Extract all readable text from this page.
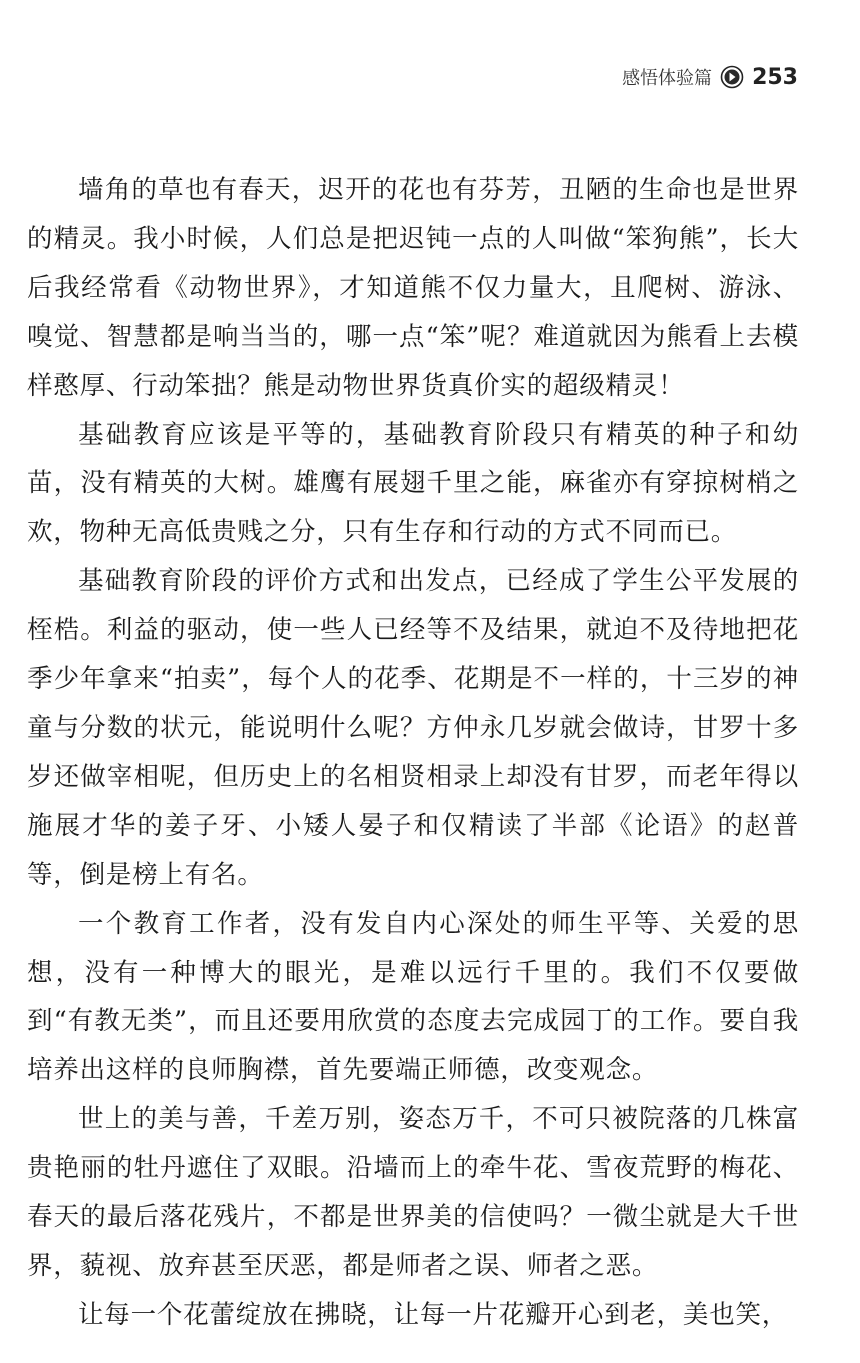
感悟体验篇 253

墙角的草也有春天，迟开的花也有芬芳，丑陋的生命也是世界的精灵。我小时候，人们总是把迟钝一点的人叫做“笨狗熊”，长大后我经常看《动物世界》，才知道熊不仅力量大，且爬树、游泳、嗅觉、智慧都是响当当的，哪一点“笨”呢？难道就因为熊看上去模样憨厚、行动笨拙？熊是动物世界货真价实的超级精灵！

基础教育应该是平等的，基础教育阶段只有精英的种子和幼苗，没有精英的大树。雄鹰有展翅千里之能，麻雀亦有穿掠树梢之欢，物种无高低贵贱之分，只有生存和行动的方式不同而已。

基础教育阶段的评价方式和出发点，已经成了学生公平发展的桎梏。利益的驱动，使一些人已经等不及结果，就迫不及待地把花季少年拿来“拍卖”，每个人的花季、花期是不一样的，十三岁的神童与分数的状元，能说明什么呢？方仲永几岁就会做诗，甘罗十多岁还做宰相呢，但历史上的名相贤相录上却没有甘罗，而老年得以施展才华的姜子牙、小矮人晏子和仅精读了半部《论语》的赵普等，倒是榜上有名。

一个教育工作者，没有发自内心深处的师生平等、关爱的思想，没有一种博大的眼光，是难以远行千里的。我们不仅要做到“有教无类”，而且还要用欣赏的态度去完成园丁的工作。要自我培养出这样的良师胸襟，首先要端正师德，改变观念。

世上的美与善，千差万别，姿态万千，不可只被院落的几株富贵艳丽的牡丹遮住了双眼。沿墙而上的牵牛花、雪夜荒野的梅花、春天的最后落花残片，不都是世界美的信使吗？一微尘就是大千世界，藐视、放弃甚至厌恶，都是师者之误、师者之恶。

让每一个花蕾绽放在拂晓，让每一片花瓣开心到老，美也笑，
